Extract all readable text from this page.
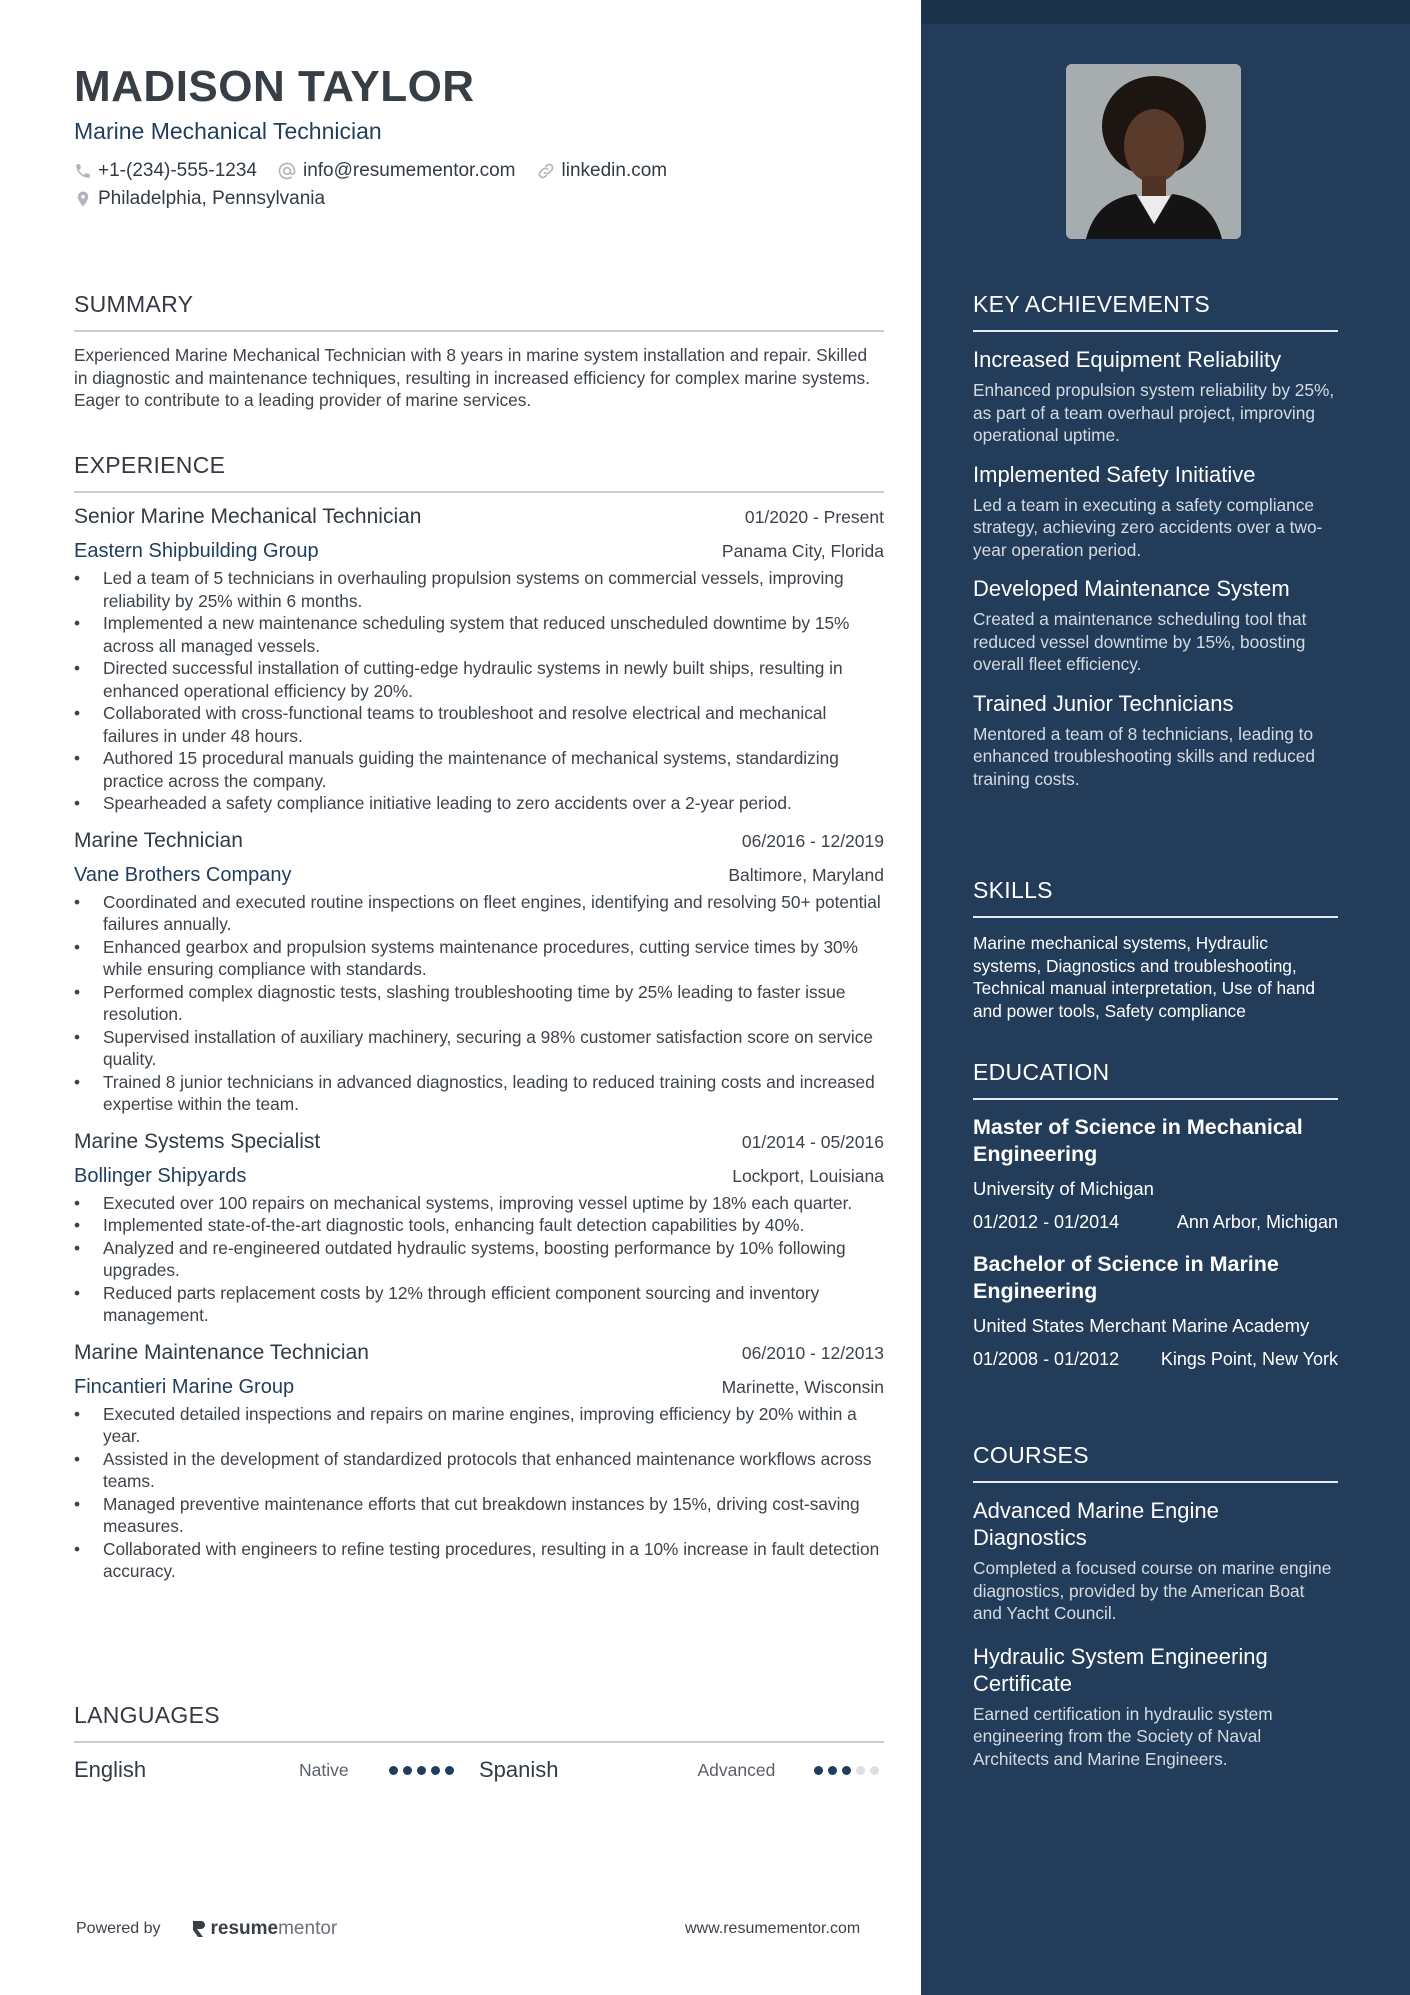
MADISON TAYLOR
Marine Mechanical Technician
+1-(234)-555-1234 info@resumementor.com linkedin.com
Philadelphia, Pennsylvania
SUMMARY
Experienced Marine Mechanical Technician with 8 years in marine system installation and repair. Skilled in diagnostic and maintenance techniques, resulting in increased efficiency for complex marine systems. Eager to contribute to a leading provider of marine services.
EXPERIENCE
Senior Marine Mechanical Technician	01/2020 - Present
Eastern Shipbuilding Group	Panama City, Florida
• Led a team of 5 technicians in overhauling propulsion systems on commercial vessels, improving reliability by 25% within 6 months.
• Implemented a new maintenance scheduling system that reduced unscheduled downtime by 15% across all managed vessels.
• Directed successful installation of cutting-edge hydraulic systems in newly built ships, resulting in enhanced operational efficiency by 20%.
• Collaborated with cross-functional teams to troubleshoot and resolve electrical and mechanical failures in under 48 hours.
• Authored 15 procedural manuals guiding the maintenance of mechanical systems, standardizing practice across the company.
• Spearheaded a safety compliance initiative leading to zero accidents over a 2-year period.
Marine Technician	06/2016 - 12/2019
Vane Brothers Company	Baltimore, Maryland
• Coordinated and executed routine inspections on fleet engines, identifying and resolving 50+ potential failures annually.
• Enhanced gearbox and propulsion systems maintenance procedures, cutting service times by 30% while ensuring compliance with standards.
• Performed complex diagnostic tests, slashing troubleshooting time by 25% leading to faster issue resolution.
• Supervised installation of auxiliary machinery, securing a 98% customer satisfaction score on service quality.
• Trained 8 junior technicians in advanced diagnostics, leading to reduced training costs and increased expertise within the team.
Marine Systems Specialist	01/2014 - 05/2016
Bollinger Shipyards	Lockport, Louisiana
• Executed over 100 repairs on mechanical systems, improving vessel uptime by 18% each quarter.
• Implemented state-of-the-art diagnostic tools, enhancing fault detection capabilities by 40%.
• Analyzed and re-engineered outdated hydraulic systems, boosting performance by 10% following upgrades.
• Reduced parts replacement costs by 12% through efficient component sourcing and inventory management.
Marine Maintenance Technician	06/2010 - 12/2013
Fincantieri Marine Group	Marinette, Wisconsin
• Executed detailed inspections and repairs on marine engines, improving efficiency by 20% within a year.
• Assisted in the development of standardized protocols that enhanced maintenance workflows across teams.
• Managed preventive maintenance efforts that cut breakdown instances by 15%, driving cost-saving measures.
• Collaborated with engineers to refine testing procedures, resulting in a 10% increase in fault detection accuracy.
LANGUAGES
English	Native	Spanish	Advanced
Powered by	resume mentor	www.resumementor.com
KEY ACHIEVEMENTS
Increased Equipment Reliability
Enhanced propulsion system reliability by 25%, as part of a team overhaul project, improving operational uptime.
Implemented Safety Initiative
Led a team in executing a safety compliance strategy, achieving zero accidents over a two-year operation period.
Developed Maintenance System
Created a maintenance scheduling tool that reduced vessel downtime by 15%, boosting overall fleet efficiency.
Trained Junior Technicians
Mentored a team of 8 technicians, leading to enhanced troubleshooting skills and reduced training costs.
SKILLS
Marine mechanical systems, Hydraulic systems, Diagnostics and troubleshooting, Technical manual interpretation, Use of hand and power tools, Safety compliance
EDUCATION
Master of Science in Mechanical Engineering
University of Michigan
01/2012 - 01/2014	Ann Arbor, Michigan
Bachelor of Science in Marine Engineering
United States Merchant Marine Academy
01/2008 - 01/2012 Kings Point, New York
COURSES
Advanced Marine Engine Diagnostics
Completed a focused course on marine engine diagnostics, provided by the American Boat and Yacht Council.
Hydraulic System Engineering Certificate
Earned certification in hydraulic system engineering from the Society of Naval Architects and Marine Engineers.
